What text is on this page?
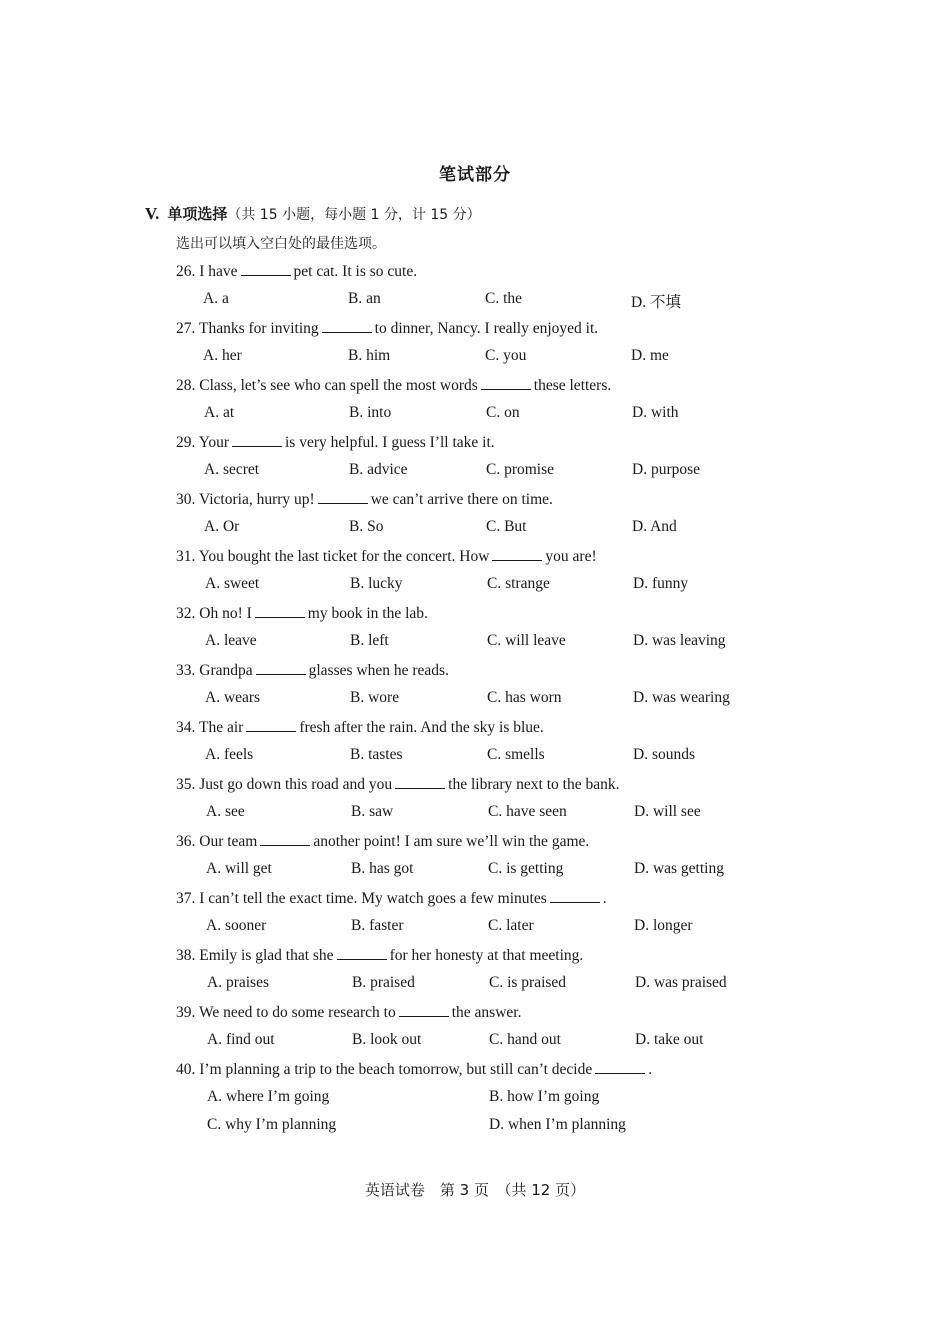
笔试部分
V. 单项选择（共 15 小题，每小题 1 分，计 15 分）
选出可以填入空白处的最佳选项。
26. I have	pet cat. It is so cute.
A. a	B. an	C. the	D. 不填
27. Thanks for inviting	to dinner, Nancy. I really enjoyed it.
A. her	B. him	C. you	D. me
28. Class, let’s see who can spell the most words	these letters.
A. at	B. into	C. on	D. with
29. Your	is very helpful. I guess I’ll take it.
A. secret	B. advice	C. promise	D. purpose
30. Victoria, hurry up!	we can’t arrive there on time.
A. Or	B. So	C. But	D. And
31. You bought the last ticket for the concert. How	you are!
A. sweet	B. lucky	C. strange	D. funny
32. Oh no! I	my book in the lab.
A. leave	B. left	C. will leave	D. was leaving
33. Grandpa	glasses when he reads.
A. wears	B. wore	C. has worn	D. was wearing
34. The air	fresh after the rain. And the sky is blue.
A. feels	B. tastes	C. smells	D. sounds
35. Just go down this road and you	the library next to the bank.
A. see	B. saw	C. have seen	D. will see
36. Our team	another point! I am sure we’ll win the game.
A. will get	B. has got	C. is getting	D. was getting
37. I can’t tell the exact time. My watch goes a few minutes	.
A. sooner	B. faster	C. later	D. longer
38. Emily is glad that she	for her honesty at that meeting.
A. praises	B. praised	C. is praised	D. was praised
39. We need to do some research to	the answer.
A. find out	B. look out	C. hand out	D. take out
40. I’m planning a trip to the beach tomorrow, but still can’t decide	.
A. where I’m going	B. how I’m going
C. why I’m planning	D. when I’m planning
英语试卷　第 3 页　（共 12 页）
